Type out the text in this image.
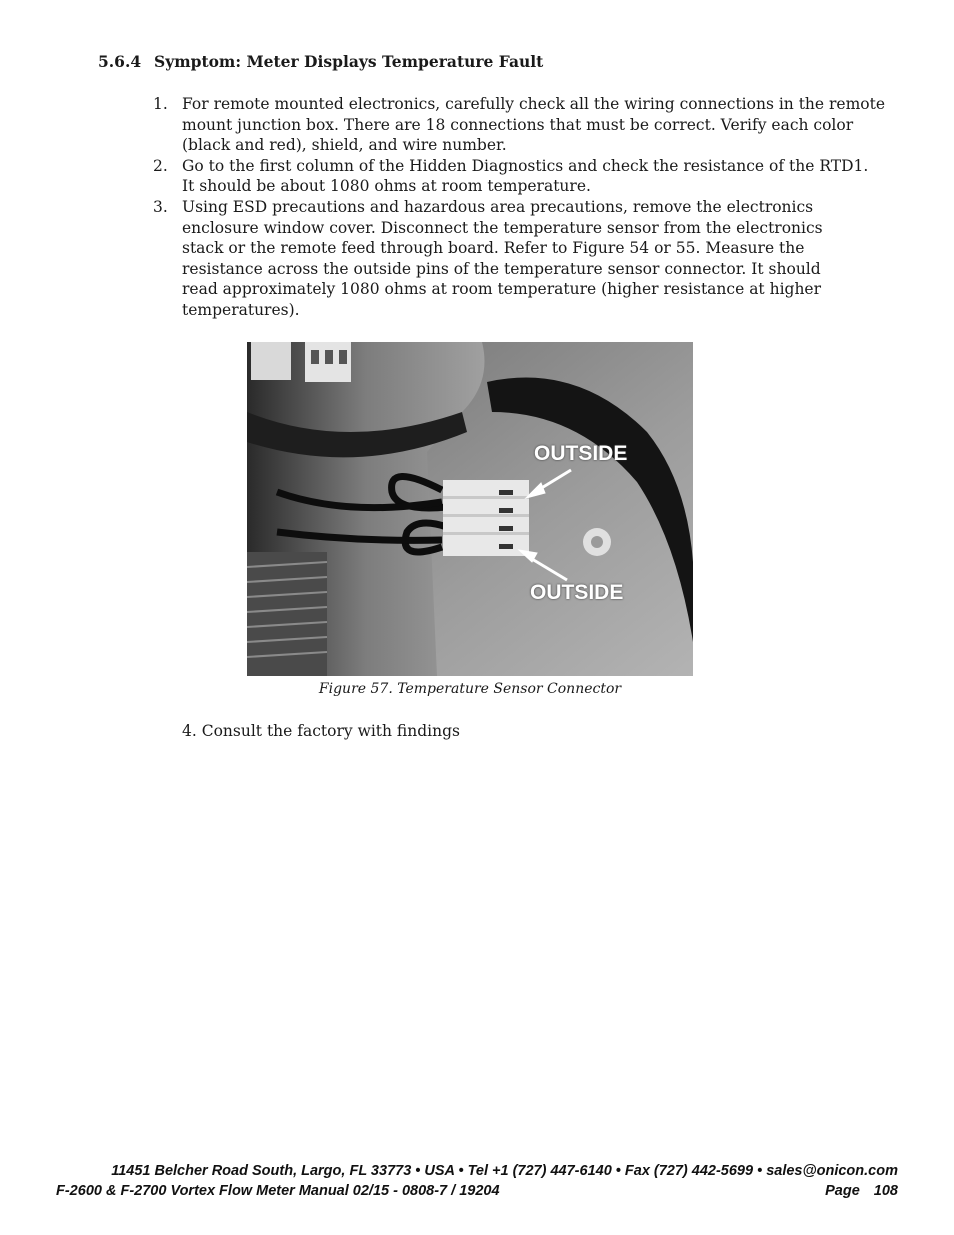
5.6.4 Symptom: Meter Displays Temperature Fault
1. For remote mounted electronics, carefully check all the wiring connections in the remote
mount junction box. There are 18 connections that must be correct. Verify each color
(black and red), shield, and wire number.
2. Go to the first column of the Hidden Diagnostics and check the resistance of the RTD1.
It should be about 1080 ohms at room temperature.
3. Using ESD precautions and hazardous area precautions, remove the electronics
enclosure window cover. Disconnect the temperature sensor from the electronics
stack or the remote feed through board. Refer to Figure 54 or 55. Measure the
resistance across the outside pins of the temperature sensor connector. It should
read approximately 1080 ohms at room temperature (higher resistance at higher
temperatures).
OUTSIDE
OUTSIDE
Figure 57. Temperature Sensor Connector
4. Consult the factory with findings
11451 Belcher Road South, Largo, FL 33773 • USA • Tel +1 (727) 447-6140 • Fax (727) 442-5699 • sales@onicon.com
F-2600 & F-2700 Vortex Flow Meter Manual 02/15 - 0808-7 / 19204	Page 108
